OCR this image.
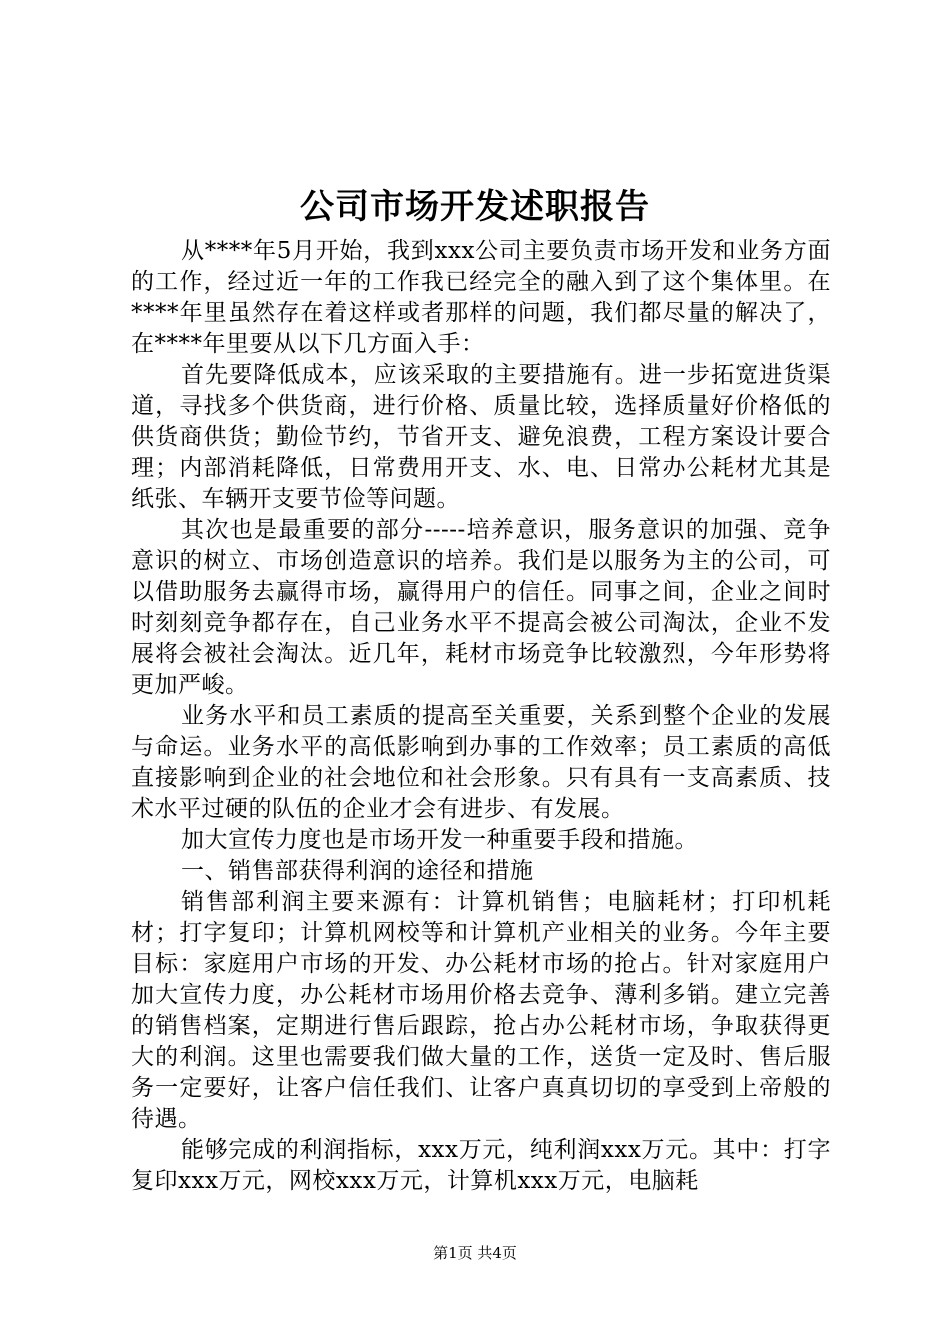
公司市场开发述职报告

从****年5月开始，我到xxx公司主要负责市场开发和业务方面的工作，经过近一年的工作我已经完全的融入到了这个集体里。在****年里虽然存在着这样或者那样的问题，我们都尽量的解决了，在****年里要从以下几方面入手：

首先要降低成本，应该采取的主要措施有。进一步拓宽进货渠道，寻找多个供货商，进行价格、质量比较，选择质量好价格低的供货商供货；勤俭节约，节省开支、避免浪费，工程方案设计要合理；内部消耗降低，日常费用开支、水、电、日常办公耗材尤其是纸张、车辆开支要节俭等问题。

其次也是最重要的部分-----培养意识，服务意识的加强、竞争意识的树立、市场创造意识的培养。我们是以服务为主的公司，可以借助服务去赢得市场，赢得用户的信任。同事之间，企业之间时时刻刻竞争都存在，自己业务水平不提高会被公司淘汰，企业不发展将会被社会淘汰。近几年，耗材市场竞争比较激烈，今年形势将更加严峻。

业务水平和员工素质的提高至关重要，关系到整个企业的发展与命运。业务水平的高低影响到办事的工作效率；员工素质的高低直接影响到企业的社会地位和社会形象。只有具有一支高素质、技术水平过硬的队伍的企业才会有进步、有发展。

加大宣传力度也是市场开发一种重要手段和措施。

一、销售部获得利润的途径和措施

销售部利润主要来源有：计算机销售；电脑耗材；打印机耗材；打字复印；计算机网校等和计算机产业相关的业务。今年主要目标：家庭用户市场的开发、办公耗材市场的抢占。针对家庭用户加大宣传力度，办公耗材市场用价格去竞争、薄利多销。建立完善的销售档案，定期进行售后跟踪，抢占办公耗材市场，争取获得更大的利润。这里也需要我们做大量的工作，送货一定及时、售后服务一定要好，让客户信任我们、让客户真真切切的享受到上帝般的待遇。

能够完成的利润指标，xxx万元，纯利润xxx万元。其中：打字复印xxx万元，网校xxx万元，计算机xxx万元，电脑耗

第1页 共4页
